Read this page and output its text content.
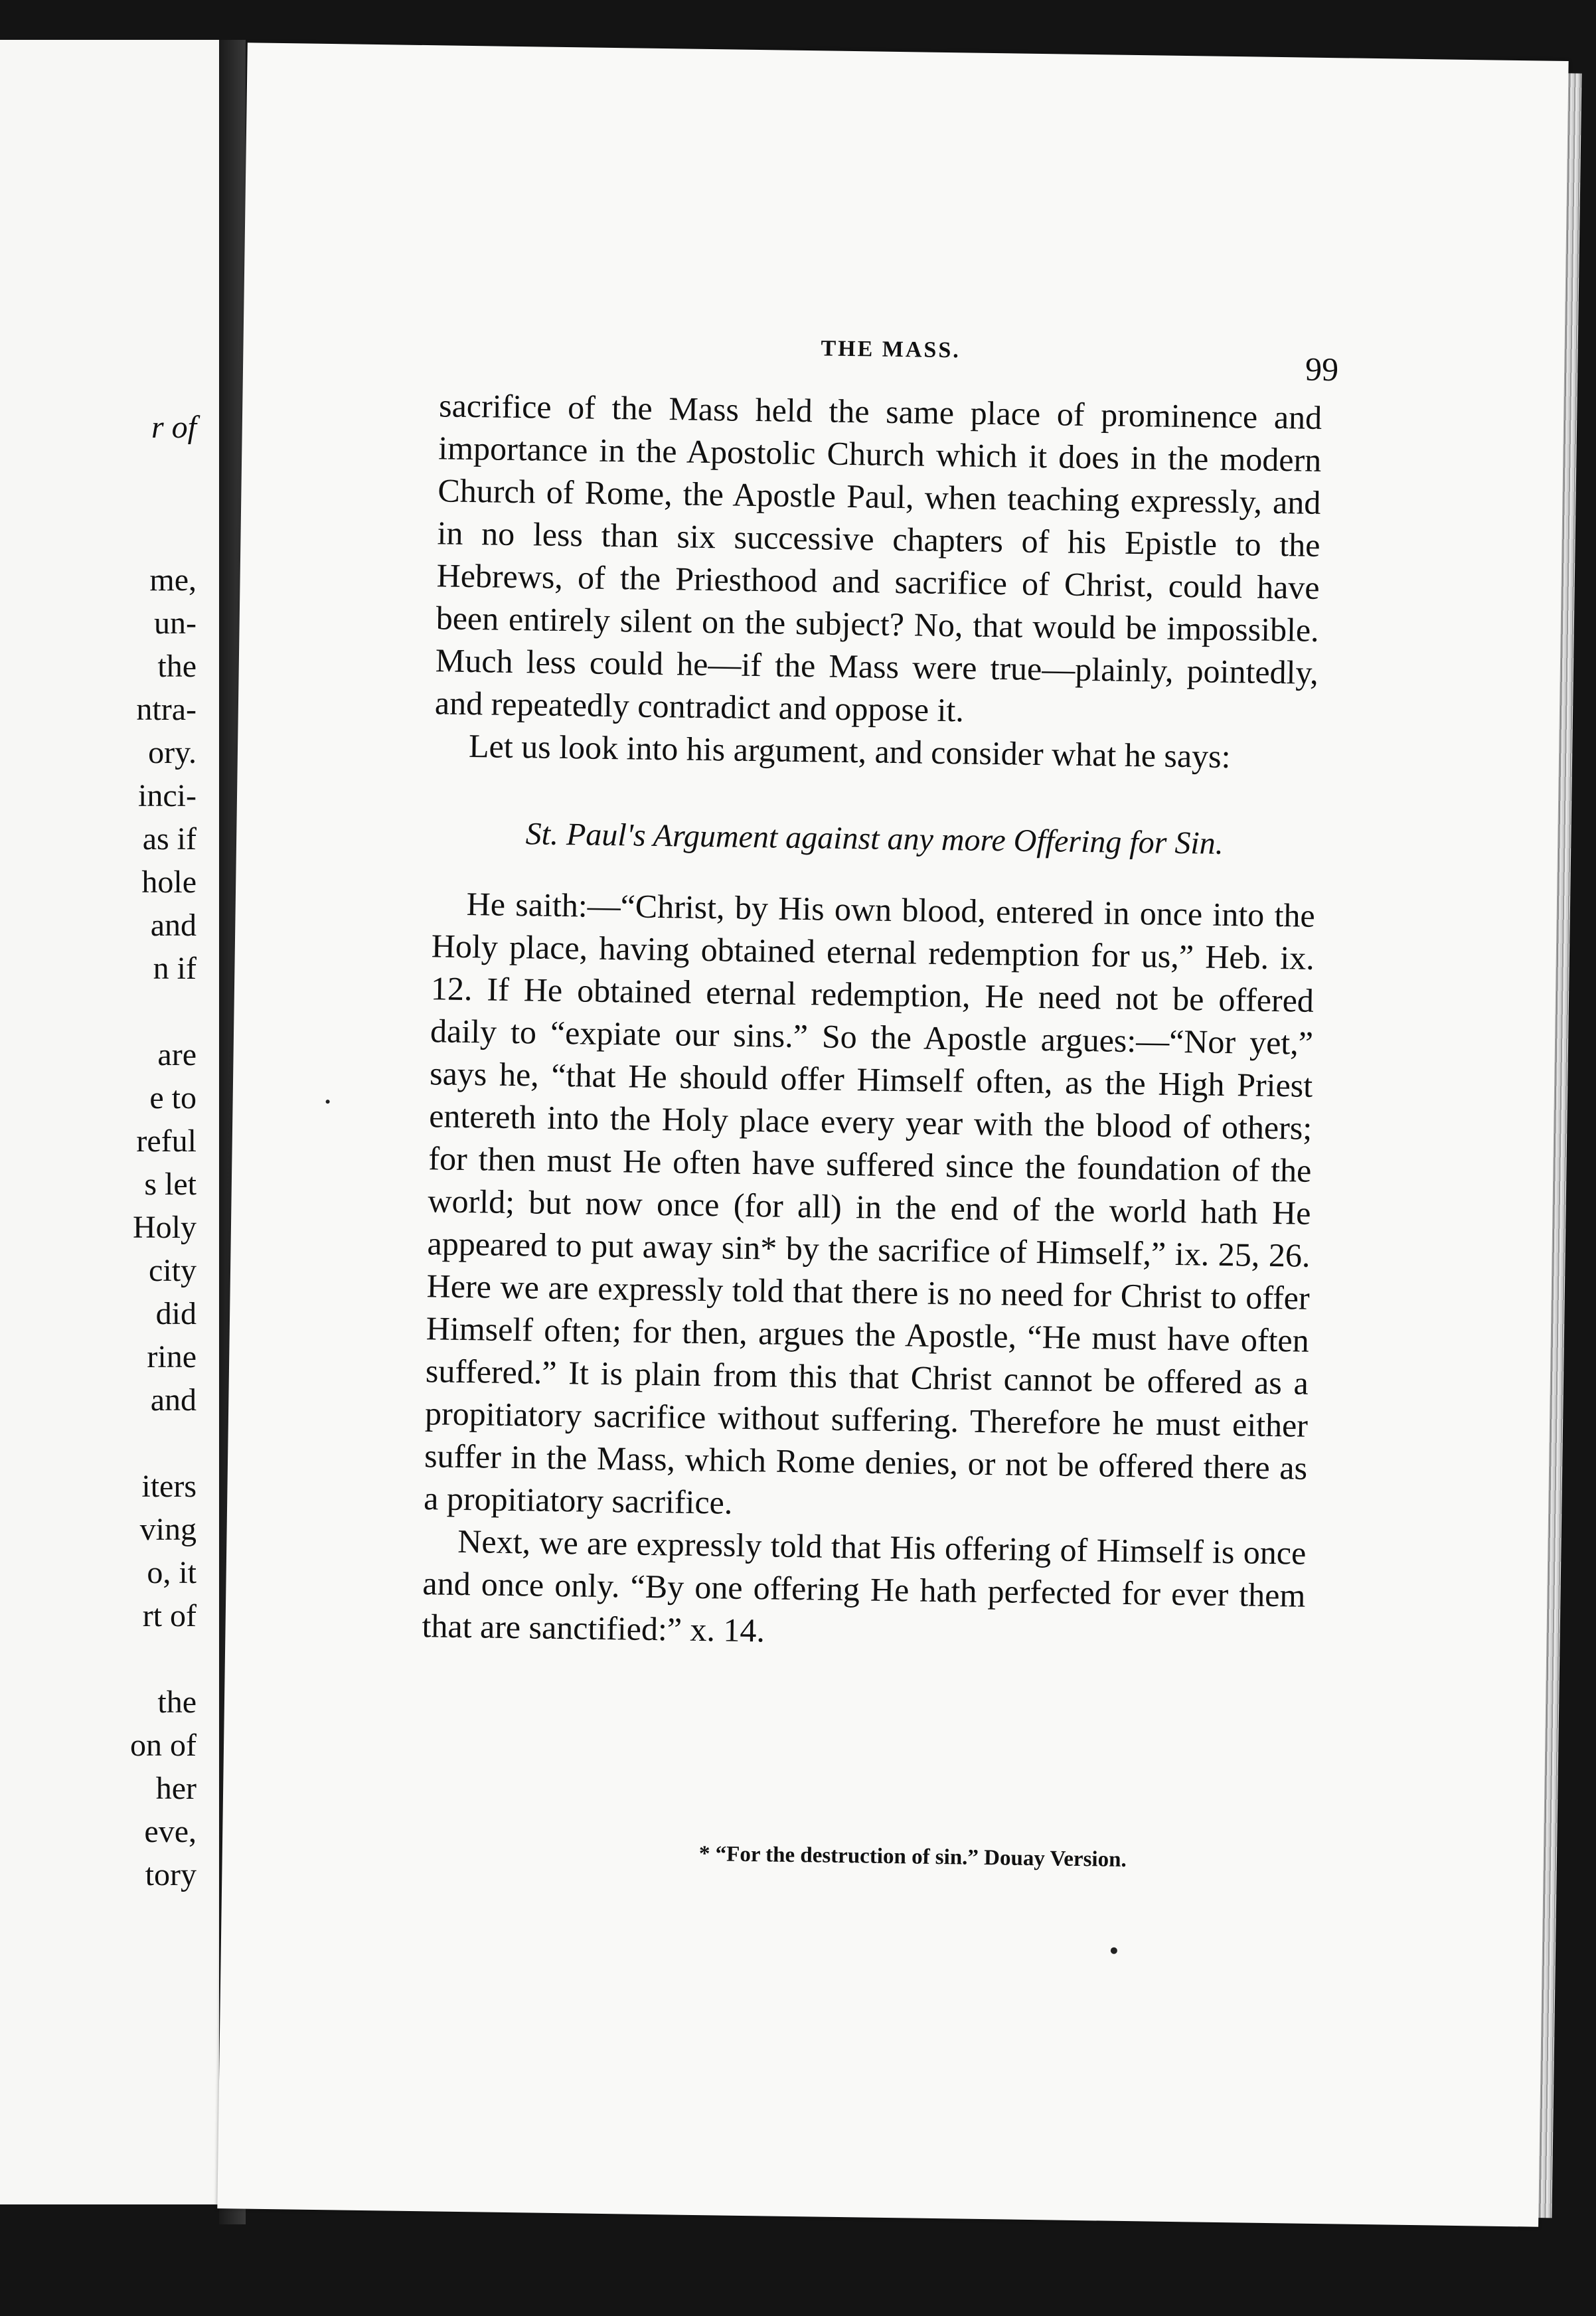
r of
me,
un-
the
ntra-
ory.
inci-
as if
hole
and
n if
are
e to
reful
s let
Holy
city
did
rine
and
iters
ving
o, it
rt of
the
on of
her
eve,
tory
THE MASS.
99

sacrifice of the Mass held the same place of prominence and importance in the Apostolic Church which it does in the modern Church of Rome, the Apostle Paul, when teaching expressly, and in no less than six successive chapters of his Epistle to the Hebrews, of the Priesthood and sacrifice of Christ, could have been entirely silent on the subject? No, that would be impossible. Much less could he—if the Mass were true—plainly, pointedly, and repeatedly contradict and oppose it.

Let us look into his argument, and consider what he says:

St. Paul's Argument against any more Offering for Sin.

He saith:—“Christ, by His own blood, entered in once into the Holy place, having obtained eternal redemption for us,” Heb. ix. 12. If He obtained eternal redemption, He need not be offered daily to “expiate our sins.” So the Apostle argues:—“Nor yet,” says he, “that He should offer Himself often, as the High Priest entereth into the Holy place every year with the blood of others; for then must He often have suffered since the foundation of the world; but now once (for all) in the end of the world hath He appeared to put away sin* by the sacrifice of Himself,” ix. 25, 26. Here we are expressly told that there is no need for Christ to offer Himself often; for then, argues the Apostle, “He must have often suffered.” It is plain from this that Christ cannot be offered as a propitiatory sacrifice without suffering. Therefore he must either suffer in the Mass, which Rome denies, or not be offered there as a propitiatory sacrifice.

Next, we are expressly told that His offering of Himself is once and once only. “By one offering He hath perfected for ever them that are sanctified:” x. 14.

* “For the destruction of sin.” Douay Version.
